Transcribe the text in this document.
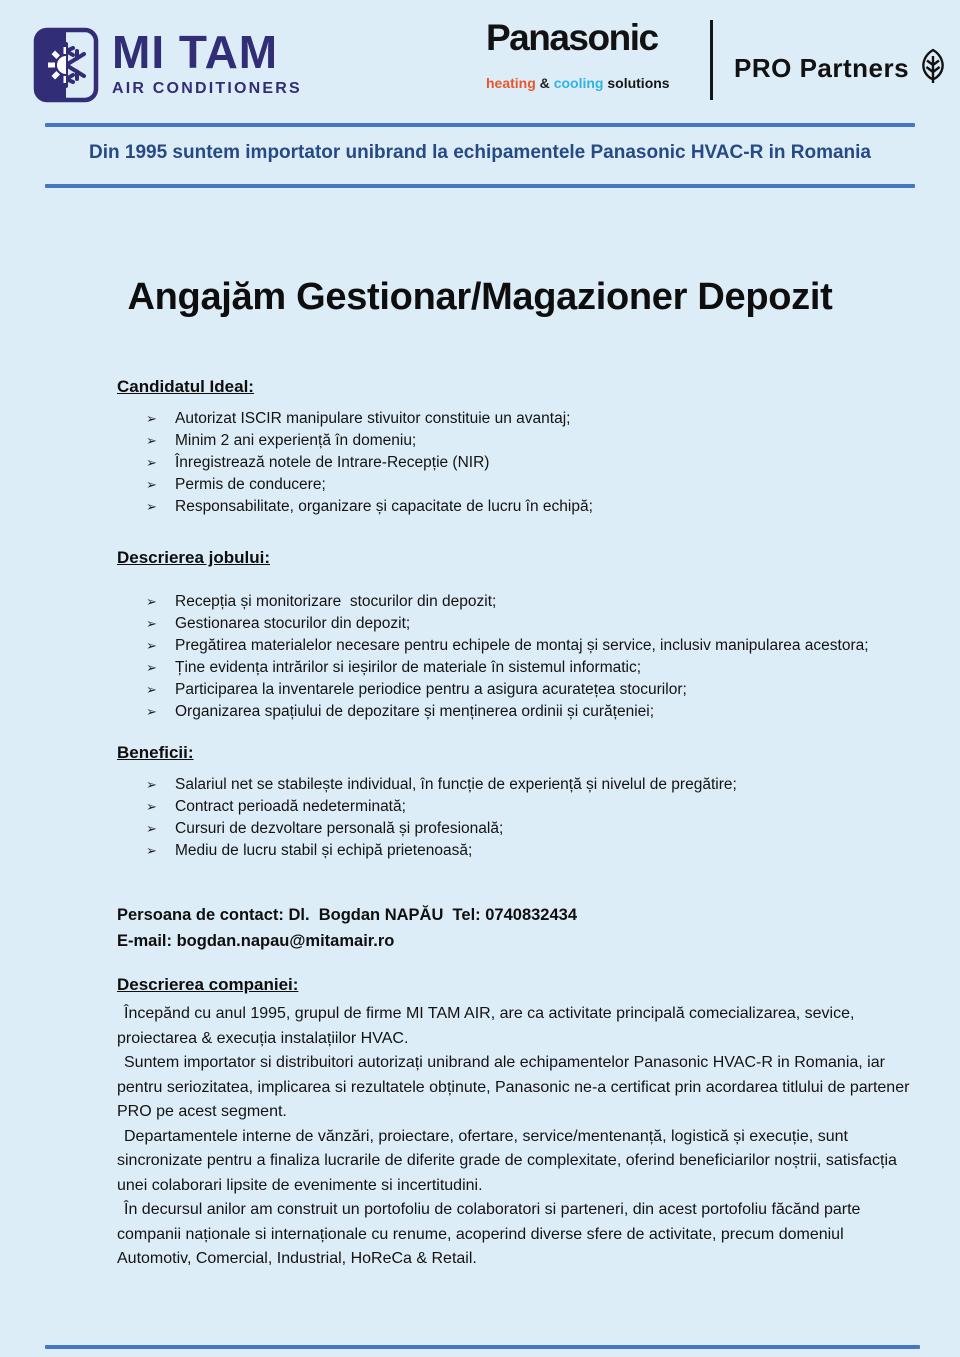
MI TAM
AIR CONDITIONERS
Panasonic
heating & cooling solutions	PRO Partners
Din 1995 suntem importator unibrand la echipamentele Panasonic HVAC-R in Romania
Angajăm Gestionar/Magazioner Depozit
Candidatul Ideal:
➢ Autorizat ISCIR manipulare stivuitor constituie un avantaj;
➢ Minim 2 ani experiență în domeniu;
➢ Înregistrează notele de Intrare-Recepție (NIR)
➢ Permis de conducere;
➢ Responsabilitate, organizare și capacitate de lucru în echipă;
Descrierea jobului:
➢ Recepția și monitorizare  stocurilor din depozit;
➢ Gestionarea stocurilor din depozit;
➢ Pregătirea materialelor necesare pentru echipele de montaj și service, inclusiv manipularea acestora;
➢ Ține evidența intrărilor si ieșirilor de materiale în sistemul informatic;
➢ Participarea la inventarele periodice pentru a asigura acuratețea stocurilor;
➢ Organizarea spațiului de depozitare și menținerea ordinii și curățeniei;
Beneficii:
➢ Salariul net se stabilește individual, în funcție de experiență și nivelul de pregătire;
➢ Contract perioadă nedeterminată;
➢ Cursuri de dezvoltare personală și profesională;
➢ Mediu de lucru stabil și echipă prietenoasă;
Persoana de contact: Dl.  Bogdan NAPĂU  Tel: 0740832434
E-mail: bogdan.napau@mitamair.ro
Descrierea companiei:

Începănd cu anul 1995, grupul de firme MI TAM AIR, are ca activitate principală comecializarea, sevice, proiectarea & execuția instalațiilor HVAC.

Suntem importator si distribuitori autorizați unibrand ale echipamentelor Panasonic HVAC-R in Romania, iar pentru seriozitatea, implicarea si rezultatele obținute, Panasonic ne-a certificat prin acordarea titlului de partener PRO pe acest segment.

Departamentele interne de vănzări, proiectare, ofertare, service/mentenanță, logistică și execuție, sunt sincronizate pentru a finaliza lucrarile de diferite grade de complexitate, oferind beneficiarilor noștrii, satisfacția unei colaborari lipsite de evenimente si incertitudini.

În decursul anilor am construit un portofoliu de colaboratori si parteneri, din acest portofoliu făcănd parte companii naționale si internaționale cu renume, acoperind diverse sfere de activitate, precum domeniul Automotiv, Comercial, Industrial, HoReCa & Retail.
